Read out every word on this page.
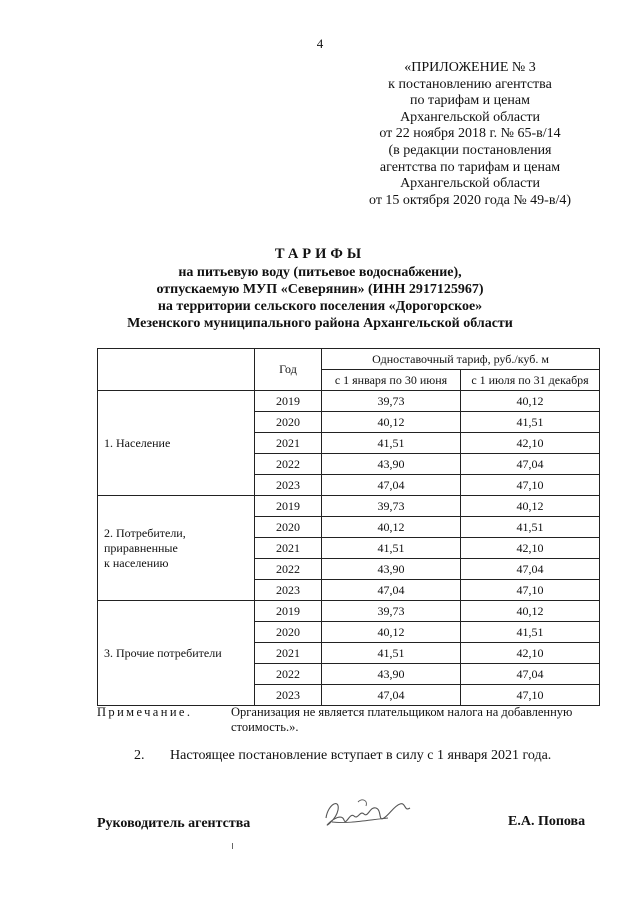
4
«ПРИЛОЖЕНИЕ № 3
к постановлению агентства
по тарифам и ценам
Архангельской области
от 22 ноября 2018 г. № 65-в/14
(в редакции постановления
агентства по тарифам и ценам
Архангельской области
от 15 октября 2020 года № 49-в/4)
ТАРИФЫ
на питьевую воду (питьевое водоснабжение),
отпускаемую МУП «Северянин» (ИНН 2917125967)
на территории сельского поселения «Дорогорское»
Мезенского муниципального района Архангельской области
	Год	Одноставочный тариф, руб./куб. м	
		с 1 января по 30 июня	с 1 июля по 31 декабря
1. Население	2019	39,73	40,12
	2020	40,12	41,51
	2021	41,51	42,10
	2022	43,90	47,04
	2023	47,04	47,10

2. Потребители,
приравненные
к населению	2019	39,73	40,12
	2020	40,12	41,51
	2021	41,51	42,10
	2022	43,90	47,04
	2023	47,04	47,10
3. Прочие потребители	2019	39,73	40,12
	2020	40,12	41,51
	2021	41,51	42,10
	2022	43,90	47,04
	2023	47,04	47,10
Примечание.	Организация не является плательщиком налога на добавленную стоимость.».
2. Настоящее постановление вступает в силу с 1 января 2021 года.
Руководитель агентства	Е.А. Попова
